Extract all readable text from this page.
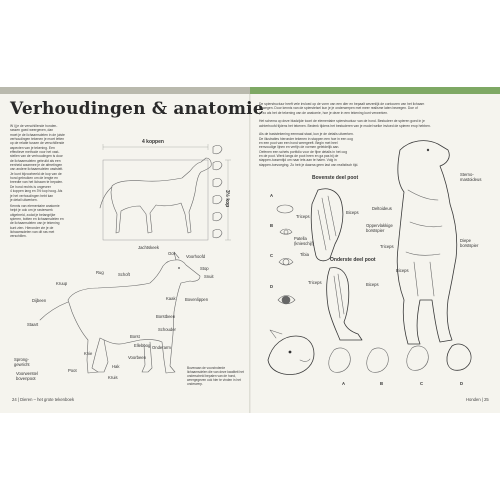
Verhoudingen & anatomie
W ij je de verschillende honden-
rassen goed weergeven, dan
moet je de lichaamsdelen in de juiste
verhoudingen tekenen je moet letten
op de relatie tussen de verschillende
aspecten van je tekening. Een
effectieve methode voor het vast-
stellen van de verhoudingen is door
de lichaamsdelen gebruikt als een
eenheid waarmee je de afmetingen
van andere lichaamsdelen vaststelt.
Je kunt bijvoorbeeld de kop van de
hond gebruiken om de lengte en
breedte van het lichaam te bepalen.
De hond rechts is ongeveer
4 koppen lang en 3½ kop hoog. Als
je het verhoudingen hebt kan
je detail uitwerken.
Kennis van elementaire anatomie
helpt je ook om je rasterwerk
uitgebreid, zodat je belangrijke
spieren, botten en lichaamsdelen en
de lichaamsdelen van je tekening
kunt zien. Hieronder zie je de
lichaamsdelen van dit ras met
verschillen.
4 koppen
3½ kop
Jachtskeek
Oor
Voorhoofd
Rug	Schoft
Stop
Snuit
Kruup
Kaak Bovenlippen
Dijbeen
Borstbeen
Staart
Schouder
Borst
Knie
Elleboog Onderarm
Sprong-gewricht
Voorbeen
Poot
Voorwerstel bovenpoot
Hak
Kruis
Bovenaan de voorzinderde lichaamsdelen die van deze kwaliteit het onderscheid bepalen van de hond, weergegeven ook hier te vinden in het onderwerp.
24 | Dieren – het grote tekenboek
De spierstructuur heeft vele invloed op de vorm van een dier en bepaalt wezenlijk de contouren van het lichaam
bewegen. Door kennis van de spierstelsel kun je je onderwerpen met meer realisme laten bewegen. Doe of
je zo als het de tekening van de anatomie, hoe je deze in een tekening kunt verwerken.

Het schema op deze bladzijde toont de elementaire spierstructuur van de hond. Bestudeer de spieren goed in je
achterhoofd tijdens het tekenen. Bedenk tijdens het bestuderen van je model welke invloed de spieren erop hebben.

Als de basistekening eenmaal staat, kun je de details uitwerken.
De illustraties hieronder tekenen in stappen een hoe in een oog
en een poot van een hond weergeeft. Begin met heel
eenvoudige lijnen en verfijn de vormen geleidelijk aan.
Oefenen een schets portfolio voor de fijne details in het oog
en de poot. Werk langs de poot heen en ga pas bij de
stappen-tussentijd om naar iets aan te halen. Volg in
stappen-toevoeging. Zo heb je daarna geen last van realistisch tijd.
A
B
C
D
Bovenste deel poot
Triceps
Biceps
Patella (knieschijf)
Tibia
Onderste deel poot
Triceps	Biceps
Sterno-mastoideus
Deltoideus
Oppervlakkige borstspier
Triceps
Diepe borstspier
Biceps
A	B	C	D
Honden | 25
